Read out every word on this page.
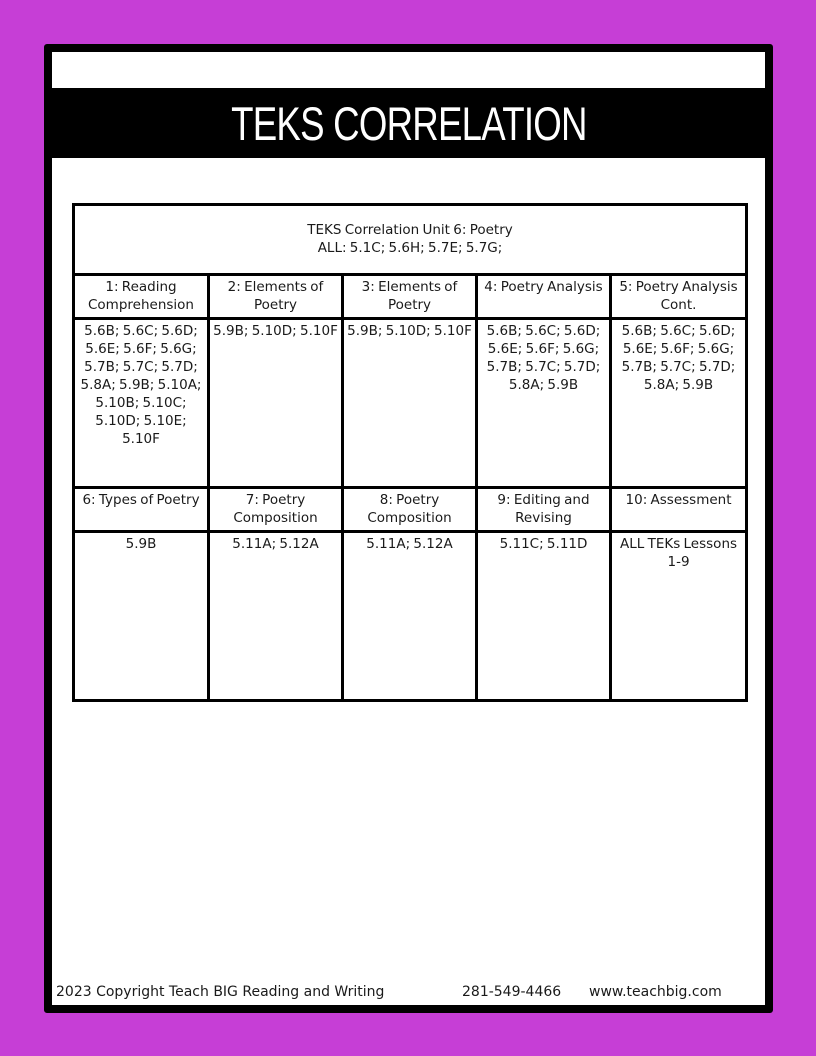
TEKS CORRELATION
TEKS Correlation Unit 6: Poetry
ALL: 5.1C; 5.6H; 5.7E; 5.7G;				

1: Reading Comprehension	2: Elements of Poetry	3: Elements of Poetry	4: Poetry Analysis	5: Poetry Analysis Cont.
5.6B; 5.6C; 5.6D; 5.6E; 5.6F; 5.6G; 5.7B; 5.7C; 5.7D; 5.8A; 5.9B; 5.10A; 5.10B; 5.10C; 5.10D; 5.10E; 5.10F	5.9B; 5.10D; 5.10F	5.9B; 5.10D; 5.10F	5.6B; 5.6C; 5.6D; 5.6E; 5.6F; 5.6G; 5.7B; 5.7C; 5.7D; 5.8A; 5.9B	5.6B; 5.6C; 5.6D; 5.6E; 5.6F; 5.6G; 5.7B; 5.7C; 5.7D; 5.8A; 5.9B
6: Types of Poetry	7: Poetry Composition	8: Poetry Composition	9: Editing and Revising	10: Assessment
5.9B	5.11A; 5.12A	5.11A; 5.12A	5.11C; 5.11D	ALL TEKs Lessons 1-9
2023 Copyright Teach BIG Reading and Writing	281-549-4466 www.teachbig.com
